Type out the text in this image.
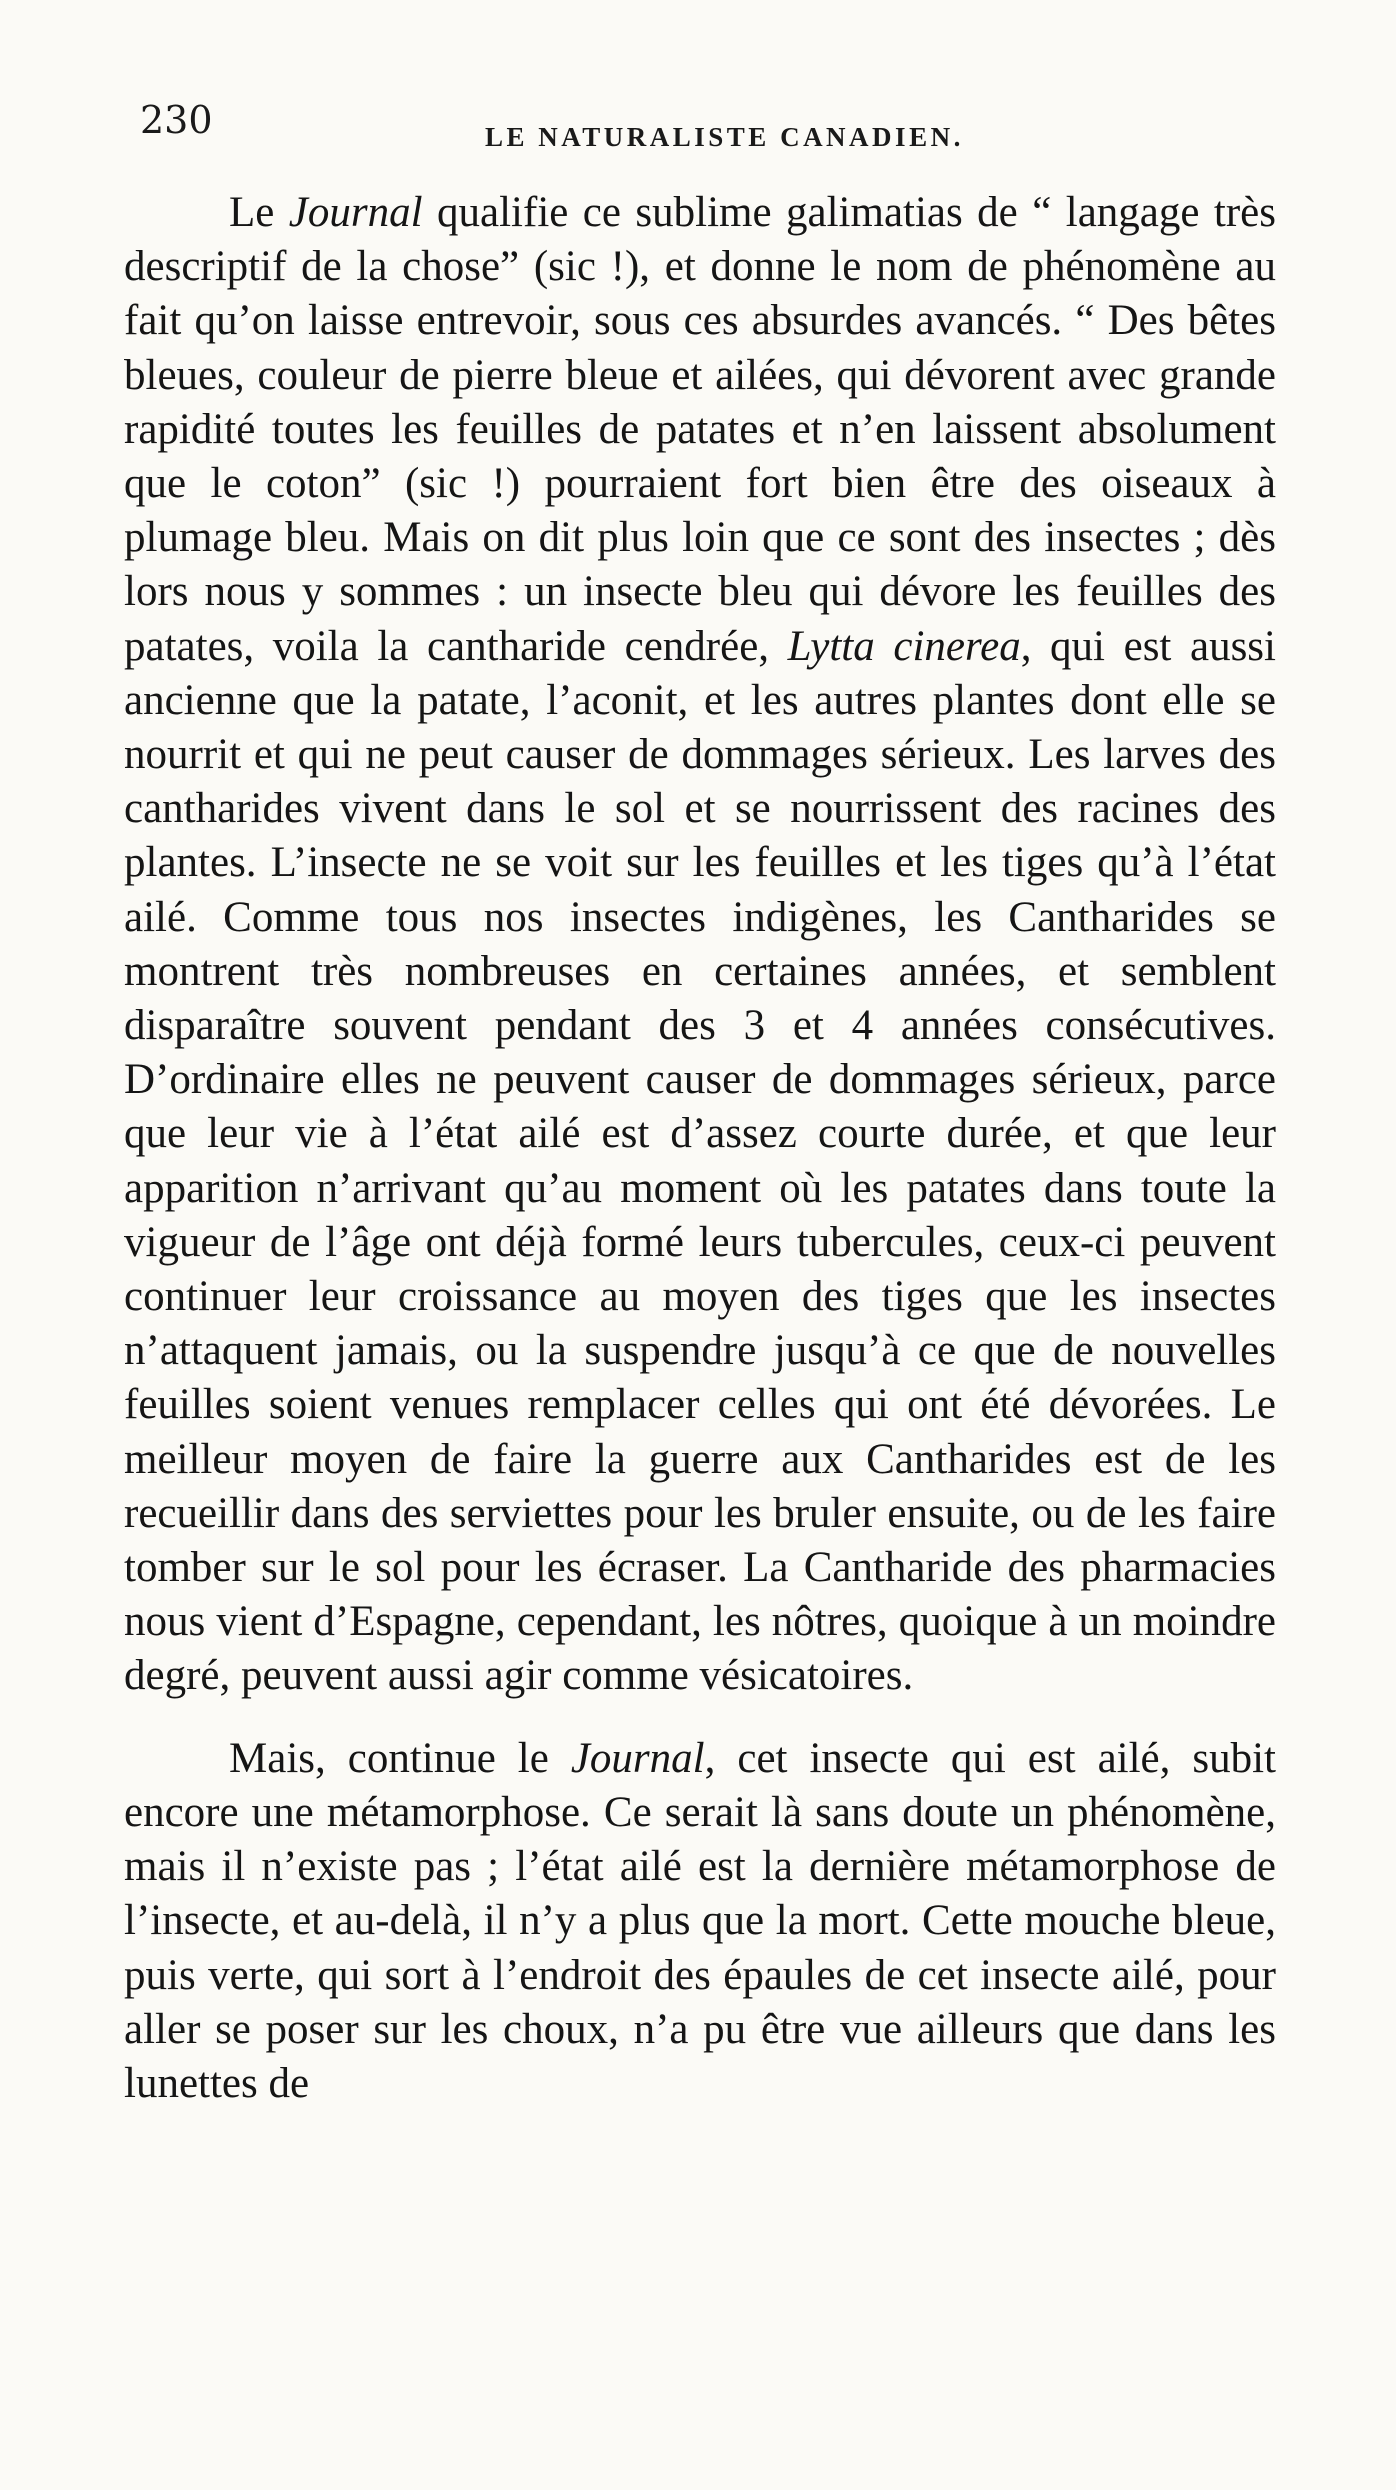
230	LE NATURALISTE CANADIEN.

Le Journal qualifie ce sublime galimatias de “ langage très descriptif de la chose” (sic !), et donne le nom de phénomène au fait qu’on laisse entrevoir, sous ces absurdes avancés. “ Des bêtes bleues, couleur de pierre bleue et ailées, qui dévorent avec grande rapidité toutes les feuilles de patates et n’en laissent absolument que le coton” (sic !) pourraient fort bien être des oiseaux à plumage bleu. Mais on dit plus loin que ce sont des insectes ; dès lors nous y sommes : un insecte bleu qui dévore les feuilles des patates, voila la cantharide cendrée, Lytta cinerea, qui est aussi ancienne que la patate, l’aconit, et les autres plantes dont elle se nourrit et qui ne peut causer de dommages sérieux. Les larves des cantharides vivent dans le sol et se nourrissent des racines des plantes. L’insecte ne se voit sur les feuilles et les tiges qu’à l’état ailé. Comme tous nos insectes indigènes, les Cantharides se montrent très nombreuses en certaines années, et semblent disparaître souvent pendant des 3 et 4 années consécutives. D’ordinaire elles ne peuvent causer de dommages sérieux, parce que leur vie à l’état ailé est d’assez courte durée, et que leur apparition n’arrivant qu’au moment où les patates dans toute la vigueur de l’âge ont déjà formé leurs tubercules, ceux-ci peuvent continuer leur croissance au moyen des tiges que les insectes n’attaquent jamais, ou la suspendre jusqu’à ce que de nouvelles feuilles soient venues remplacer celles qui ont été dévorées. Le meilleur moyen de faire la guerre aux Cantharides est de les recueillir dans des serviettes pour les bruler ensuite, ou de les faire tomber sur le sol pour les écraser. La Cantharide des pharmacies nous vient d’Espagne, cependant, les nôtres, quoique à un moindre degré, peuvent aussi agir comme vésicatoires.

Mais, continue le Journal, cet insecte qui est ailé, subit encore une métamorphose. Ce serait là sans doute un phénomène, mais il n’existe pas ; l’état ailé est la dernière métamorphose de l’insecte, et au-delà, il n’y a plus que la mort. Cette mouche bleue, puis verte, qui sort à l’endroit des épaules de cet insecte ailé, pour aller se poser sur les choux, n’a pu être vue ailleurs que dans les lunettes de
